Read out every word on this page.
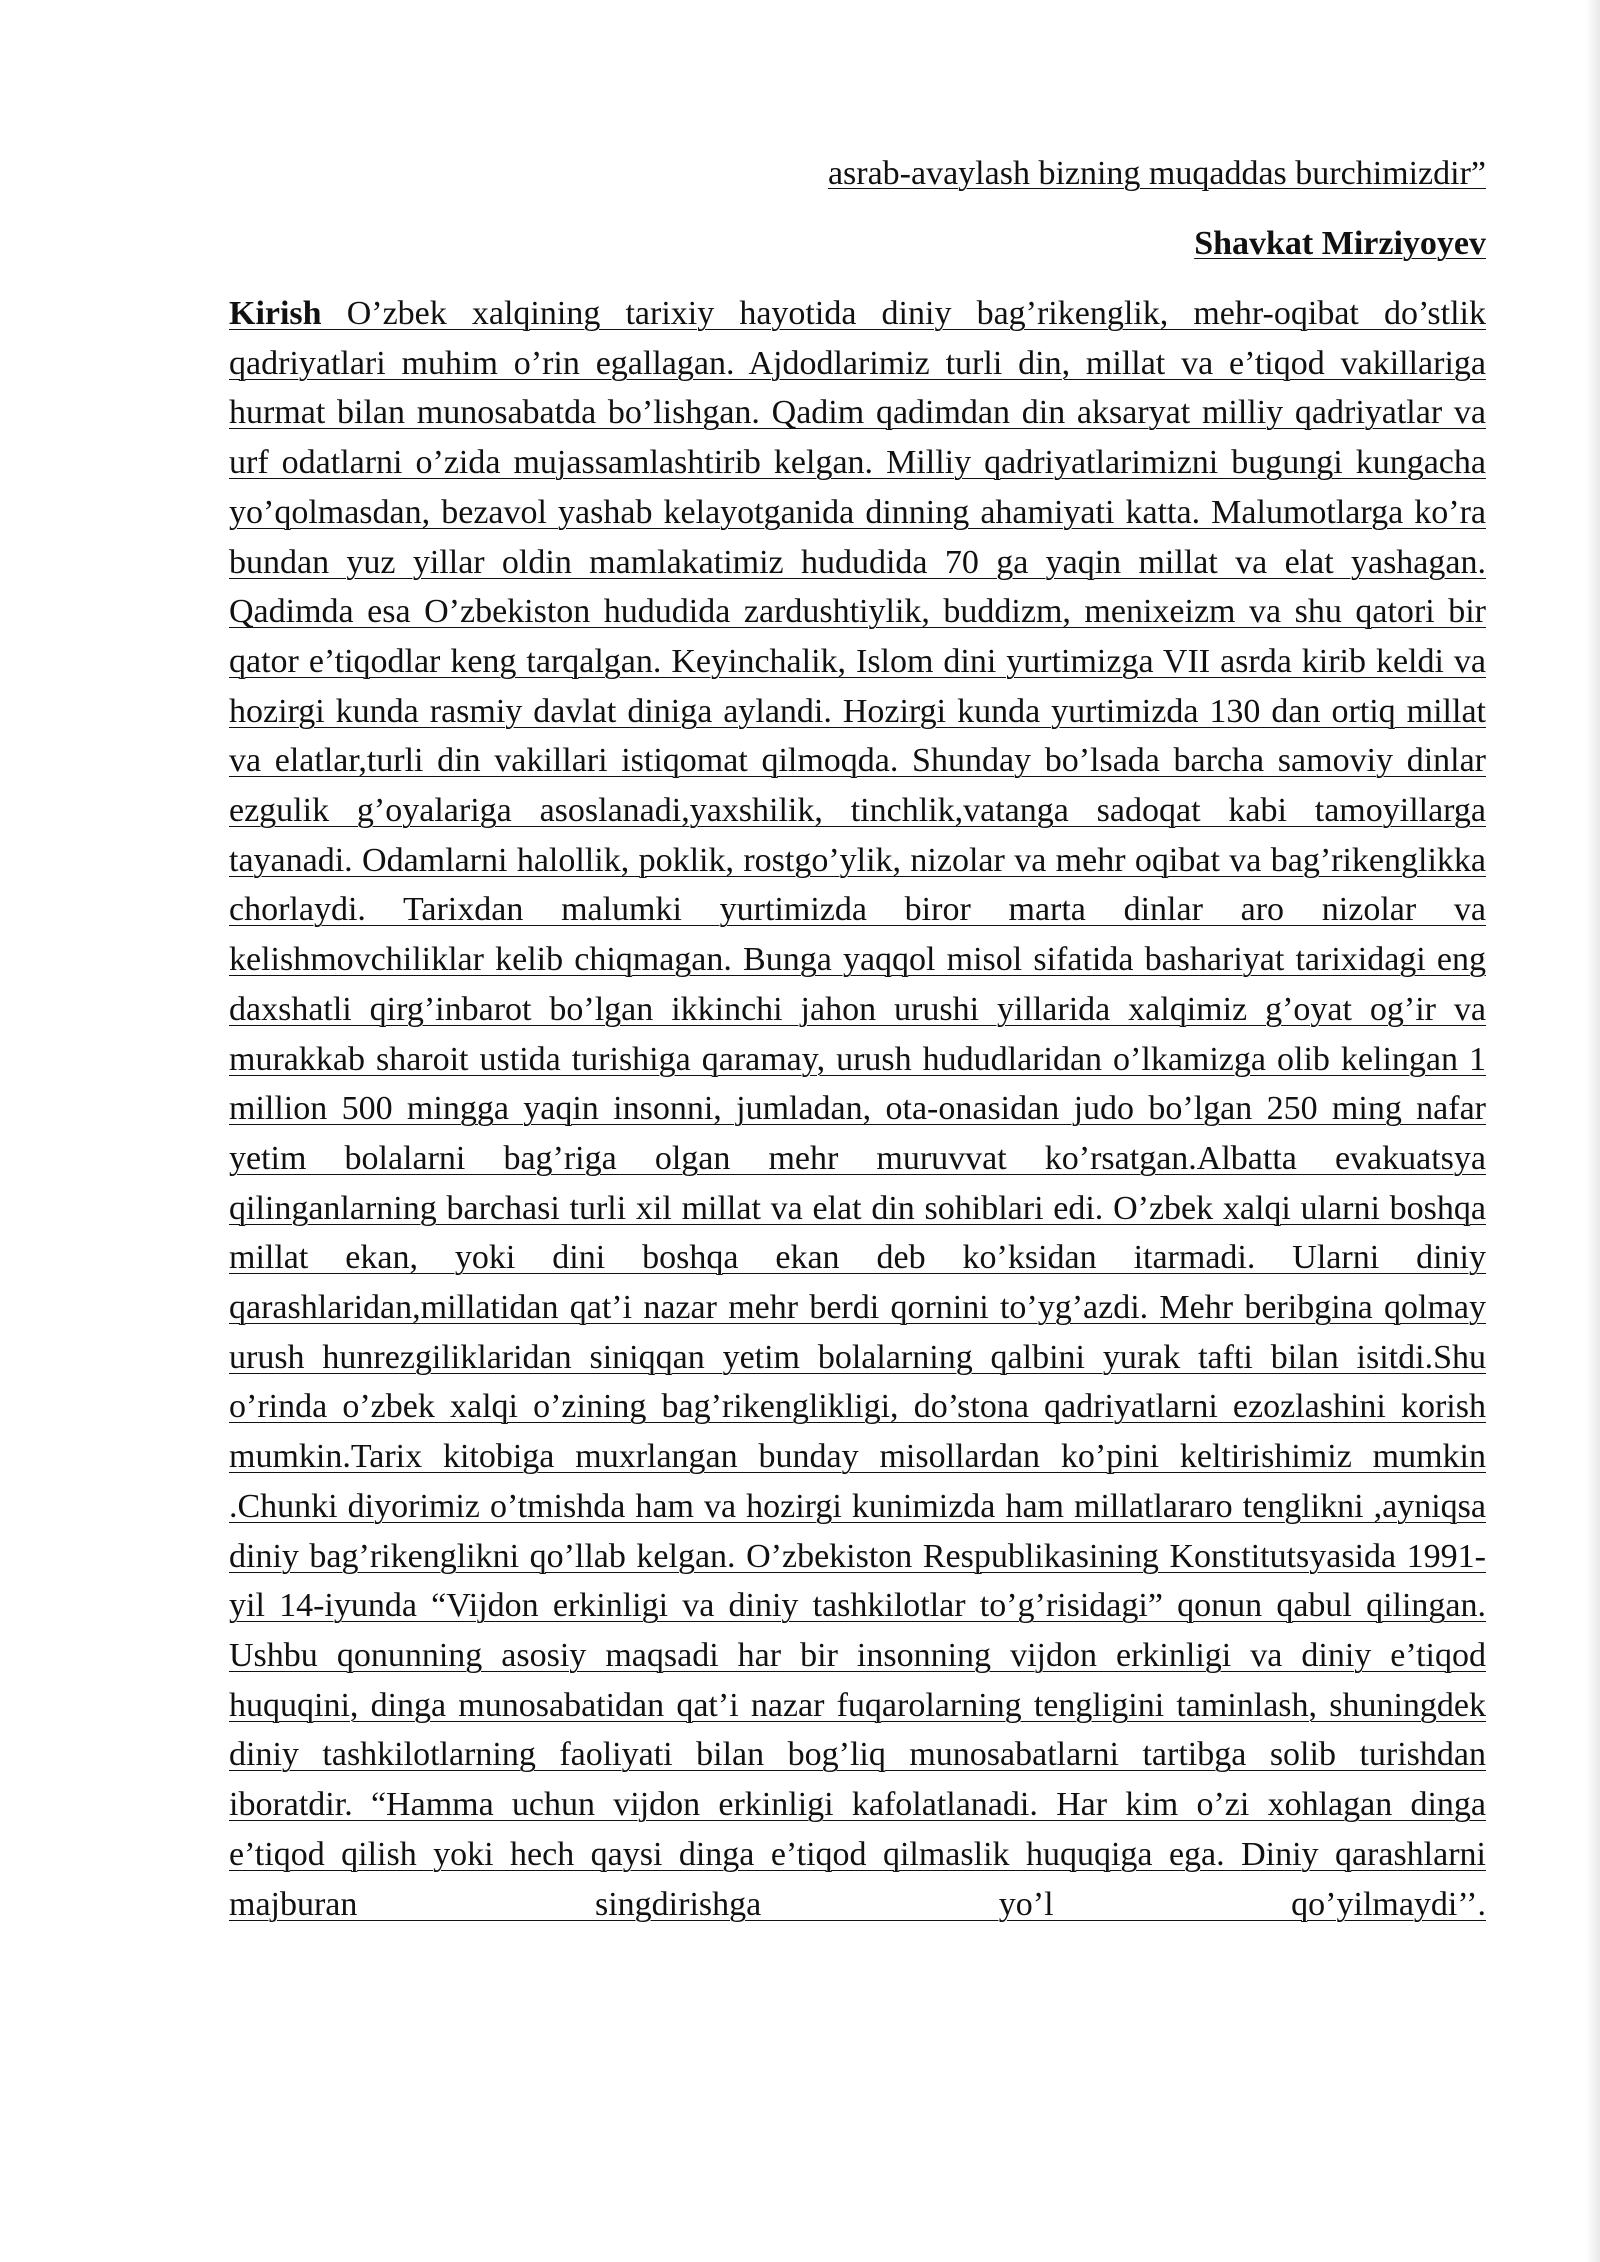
asrab-avaylash bizning muqaddas burchimizdir”
Shavkat Mirziyoyev

Kirish O’zbek xalqining tarixiy hayotida diniy bag’rikenglik, mehr-oqibat do’stlik qadriyatlari muhim o’rin egallagan. Ajdodlarimiz turli din, millat va e’tiqod vakillariga hurmat bilan munosabatda bo’lishgan. Qadim qadimdan din aksaryat milliy qadriyatlar va urf odatlarni o’zida mujassamlashtirib kelgan. Milliy qadriyatlarimizni bugungi kungacha yo’qolmasdan, bezavol yashab kelayotganida dinning ahamiyati katta. Malumotlarga ko’ra bundan yuz yillar oldin mamlakatimiz hududida 70 ga yaqin millat va elat yashagan. Qadimda esa O’zbekiston hududida zardushtiylik, buddizm, menixeizm va shu qatori bir qator e’tiqodlar keng tarqalgan. Keyinchalik, Islom dini yurtimizga VII asrda kirib keldi va hozirgi kunda rasmiy davlat diniga aylandi. Hozirgi kunda yurtimizda 130 dan ortiq millat va elatlar,turli din vakillari istiqomat qilmoqda. Shunday bo’lsada barcha samoviy dinlar ezgulik g’oyalariga asoslanadi,yaxshilik, tinchlik,vatanga sadoqat kabi tamoyillarga tayanadi. Odamlarni halollik, poklik, rostgo’ylik, nizolar va mehr oqibat va bag’rikenglikka chorlaydi. Tarixdan malumki yurtimizda biror marta dinlar aro nizolar va kelishmovchiliklar kelib chiqmagan. Bunga yaqqol misol sifatida bashariyat tarixidagi eng daxshatli qirg’inbarot bo’lgan ikkinchi jahon urushi yillarida xalqimiz g’oyat og’ir va murakkab sharoit ustida turishiga qaramay, urush hududlaridan o’lkamizga olib kelingan 1 million 500 mingga yaqin insonni, jumladan, ota-onasidan judo bo’lgan 250 ming nafar yetim bolalarni bag’riga olgan mehr muruvvat ko’rsatgan.Albatta evakuatsya qilinganlarning barchasi turli xil millat va elat din sohiblari edi. O’zbek xalqi ularni boshqa millat ekan, yoki dini boshqa ekan deb ko’ksidan itarmadi. Ularni diniy qarashlaridan,millatidan qat’i nazar mehr berdi qornini to’yg’azdi. Mehr beribgina qolmay urush hunrezgiliklaridan siniqqan yetim bolalarning qalbini yurak tafti bilan isitdi.Shu o’rinda o’zbek xalqi o’zining bag’rikenglikligi, do’stona qadriyatlarni ezozlashini korish mumkin.Tarix kitobiga muxrlangan bunday misollardan ko’pini keltirishimiz mumkin .Chunki diyorimiz o’tmishda ham va hozirgi kunimizda ham millatlararo tenglikni ,ayniqsa diniy bag’rikenglikni qo’llab kelgan. O’zbekiston Respublikasining Konstitutsyasida 1991-yil 14-iyunda “Vijdon erkinligi va diniy tashkilotlar to’g’risidagi” qonun qabul qilingan. Ushbu qonunning asosiy maqsadi har bir insonning vijdon erkinligi va diniy e’tiqod huquqini, dinga munosabatidan qat’i nazar fuqarolarning tengligini taminlash, shuningdek diniy tashkilotlarning faoliyati bilan bog’liq munosabatlarni tartibga solib turishdan iboratdir. “Hamma uchun vijdon erkinligi kafolatlanadi. Har kim o’zi xohlagan dinga e’tiqod qilish yoki hech qaysi dinga e’tiqod qilmaslik huquqiga ega. Diniy qarashlarni majburan singdirishga yo’l qo’yilmaydi’’.
